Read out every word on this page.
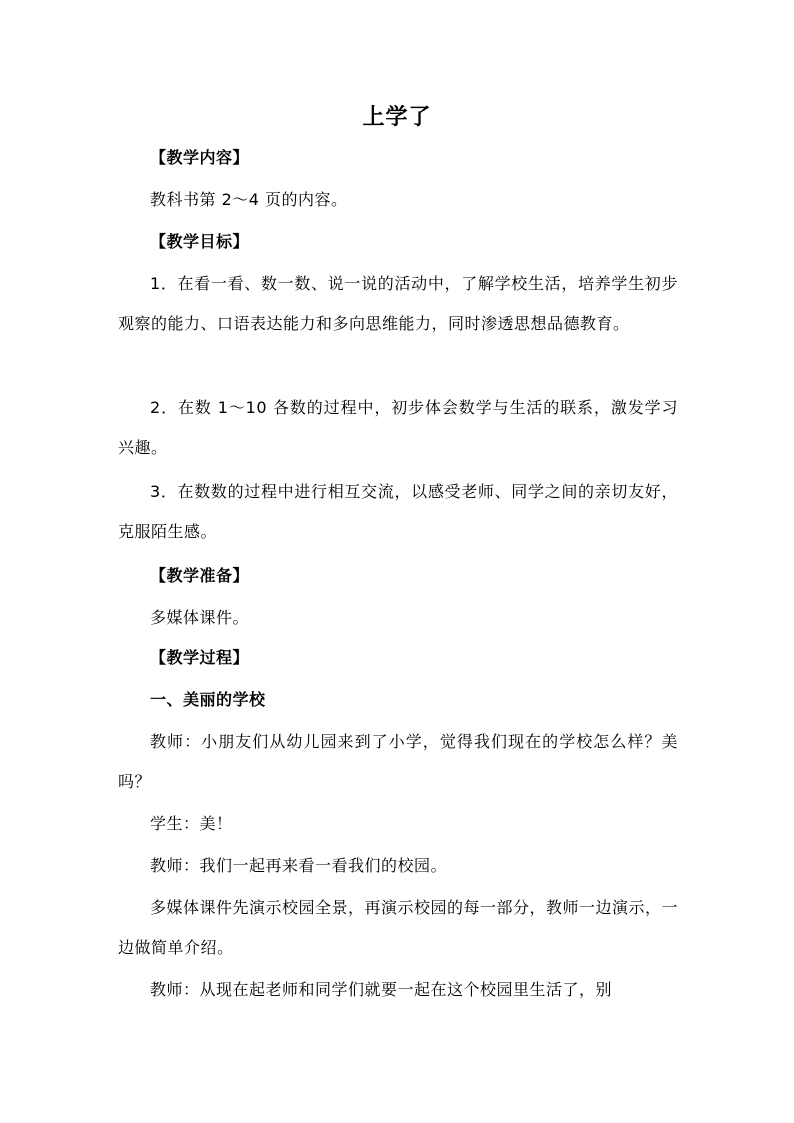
上学了

【教学内容】

教科书第 2～4 页的内容。

【教学目标】

1．在看一看、数一数、说一说的活动中，了解学校生活，培养学生初步观察的能力、口语表达能力和多向思维能力，同时渗透思想品德教育。

2．在数 1～10 各数的过程中，初步体会数学与生活的联系，激发学习兴趣。

3．在数数的过程中进行相互交流，以感受老师、同学之间的亲切友好，克服陌生感。

【教学准备】

多媒体课件。

【教学过程】

一、美丽的学校

教师：小朋友们从幼儿园来到了小学，觉得我们现在的学校怎么样？美吗？

学生：美！

教师：我们一起再来看一看我们的校园。

多媒体课件先演示校园全景，再演示校园的每一部分，教师一边演示，一边做简单介绍。

教师：从现在起老师和同学们就要一起在这个校园里生活了，别
